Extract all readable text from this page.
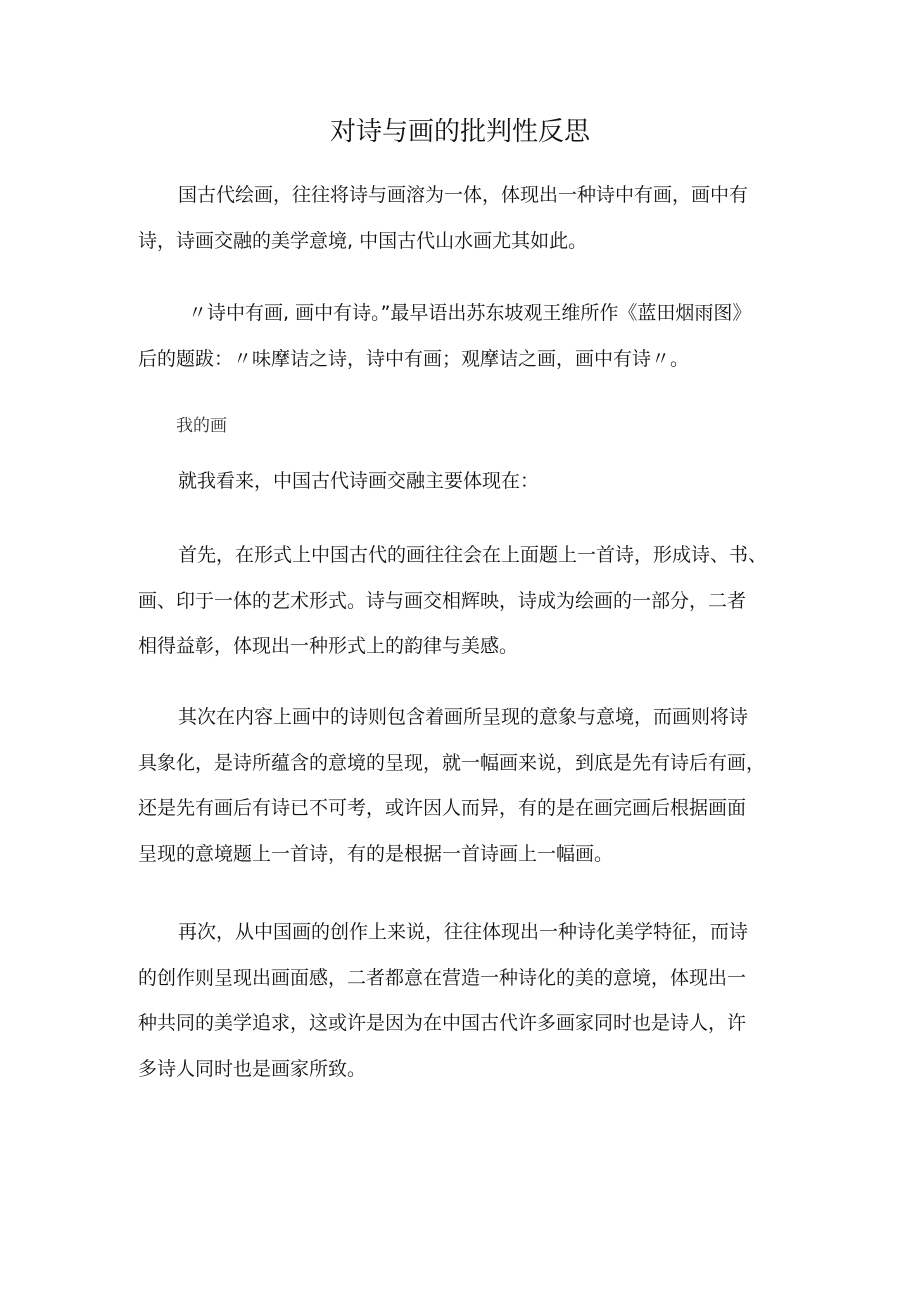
对诗与画的批判性反思
国古代绘画，往往将诗与画溶为一体，体现出一种诗中有画，画中有
诗，诗画交融的美学意境, 中国古代山水画尤其如此。
〃诗中有画, 画中有诗。”最早语出苏东坡观王维所作《蓝田烟雨图》
后的题跋：〃味摩诘之诗，诗中有画；观摩诘之画，画中有诗〃。
我的画
就我看来，中国古代诗画交融主要体现在：
首先，在形式上中国古代的画往往会在上面题上一首诗，形成诗、书、
画、印于一体的艺术形式。诗与画交相辉映，诗成为绘画的一部分，二者
相得益彰，体现出一种形式上的韵律与美感。
其次在内容上画中的诗则包含着画所呈现的意象与意境，而画则将诗
具象化，是诗所蕴含的意境的呈现，就一幅画来说，到底是先有诗后有画，
还是先有画后有诗已不可考，或许因人而异，有的是在画完画后根据画面
呈现的意境题上一首诗，有的是根据一首诗画上一幅画。
再次，从中国画的创作上来说，往往体现出一种诗化美学特征，而诗
的创作则呈现出画面感，二者都意在营造一种诗化的美的意境，体现出一
种共同的美学追求，这或许是因为在中国古代许多画家同时也是诗人，许
多诗人同时也是画家所致。
